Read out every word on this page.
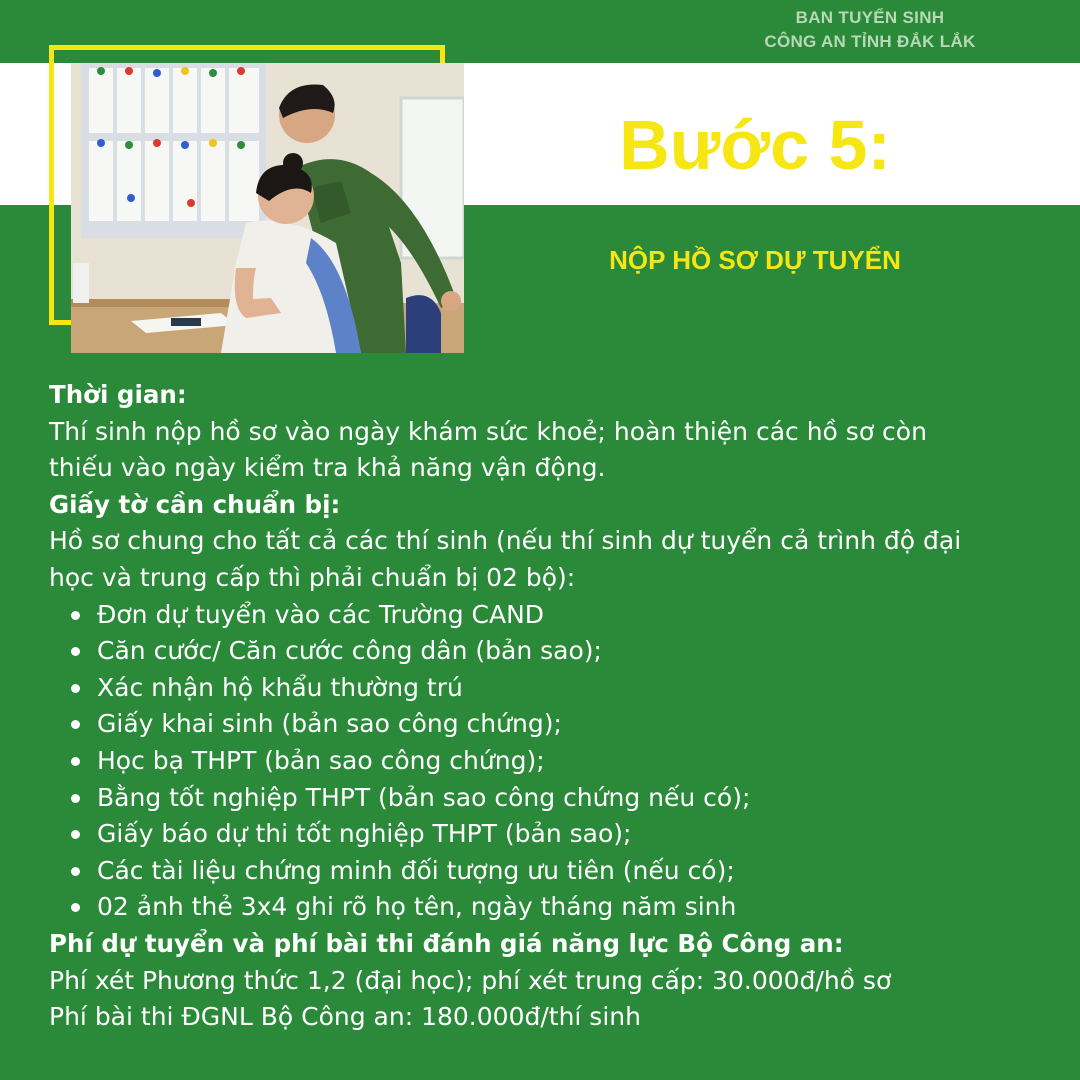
BAN TUYỂN SINH
CÔNG AN TỈNH ĐẮK LẮK
Bước 5:
NỘP HỒ SƠ DỰ TUYỂN

Thời gian:

Thí sinh nộp hồ sơ vào ngày khám sức khoẻ; hoàn thiện các hồ sơ còn

thiếu vào ngày kiểm tra khả năng vận động.

Giấy tờ cần chuẩn bị:

Hồ sơ chung cho tất cả các thí sinh (nếu thí sinh dự tuyển cả trình độ đại

học và trung cấp thì phải chuẩn bị 02 bộ):

Đơn dự tuyển vào các Trường CAND
Căn cước/ Căn cước công dân (bản sao);
Xác nhận hộ khẩu thường trú
Giấy khai sinh (bản sao công chứng);
Học bạ THPT (bản sao công chứng);
Bằng tốt nghiệp THPT (bản sao công chứng nếu có);
Giấy báo dự thi tốt nghiệp THPT (bản sao);
Các tài liệu chứng minh đối tượng ưu tiên (nếu có);
02 ảnh thẻ 3x4 ghi rõ họ tên, ngày tháng năm sinh

Phí dự tuyển và phí bài thi đánh giá năng lực Bộ Công an:

Phí xét Phương thức 1,2 (đại học); phí xét trung cấp: 30.000đ/hồ sơ

Phí bài thi ĐGNL Bộ Công an: 180.000đ/thí sinh
